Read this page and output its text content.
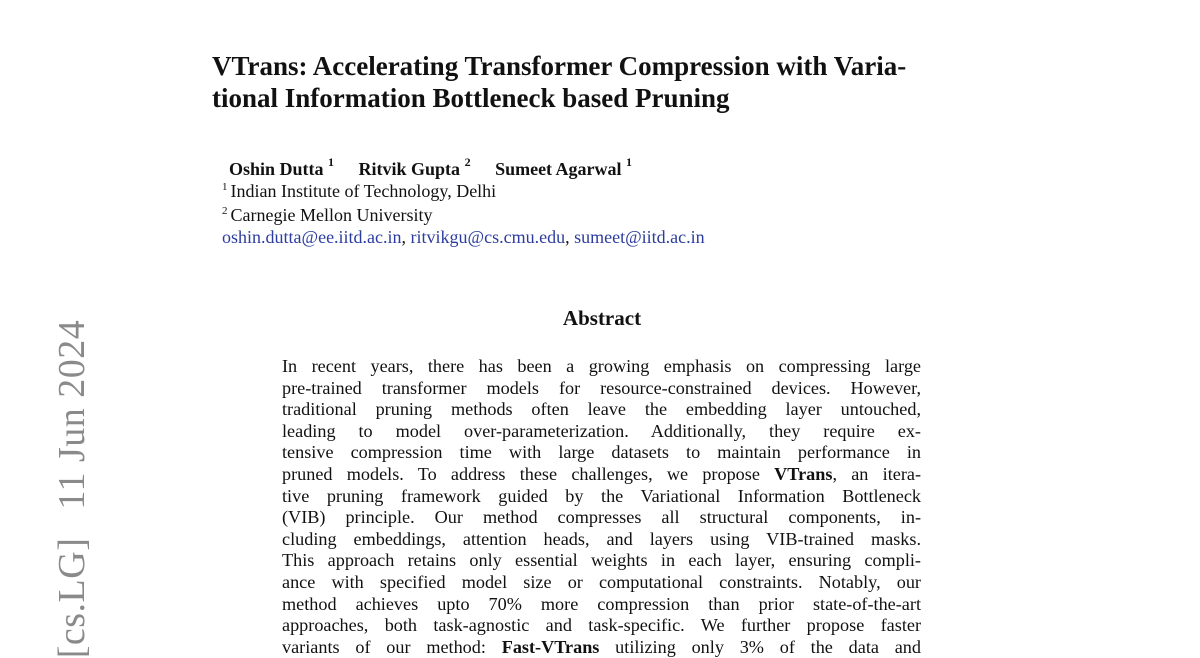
[cs.LG] 11 Jun 2024
VTrans: Accelerating Transformer Compression with Varia-
tional Information Bottleneck based Pruning
Oshin Dutta $^1$ Ritvik Gupta $^2$ Sumeet Agarwal $^1$
$^1$ Indian Institute of Technology, Delhi
$^2$ Carnegie Mellon University
oshin.dutta@ee.iitd.ac.in, ritvikgu@cs.cmu.edu, sumeet@iitd.ac.in
Abstract
In recent years, there has been a growing emphasis on compressing large
pre-trained transformer models for resource-constrained devices. However,
traditional pruning methods often leave the embedding layer untouched,
leading to model over-parameterization. Additionally, they require ex-
tensive compression time with large datasets to maintain performance in
pruned models. To address these challenges, we propose VTrans, an itera-
tive pruning framework guided by the Variational Information Bottleneck
(VIB) principle. Our method compresses all structural components, in-
cluding embeddings, attention heads, and layers using VIB-trained masks.
This approach retains only essential weights in each layer, ensuring compli-
ance with specified model size or computational constraints. Notably, our
method achieves upto 70% more compression than prior state-of-the-art
approaches, both task-agnostic and task-specific. We further propose faster
variants of our method: Fast-VTrans utilizing only 3% of the data and
